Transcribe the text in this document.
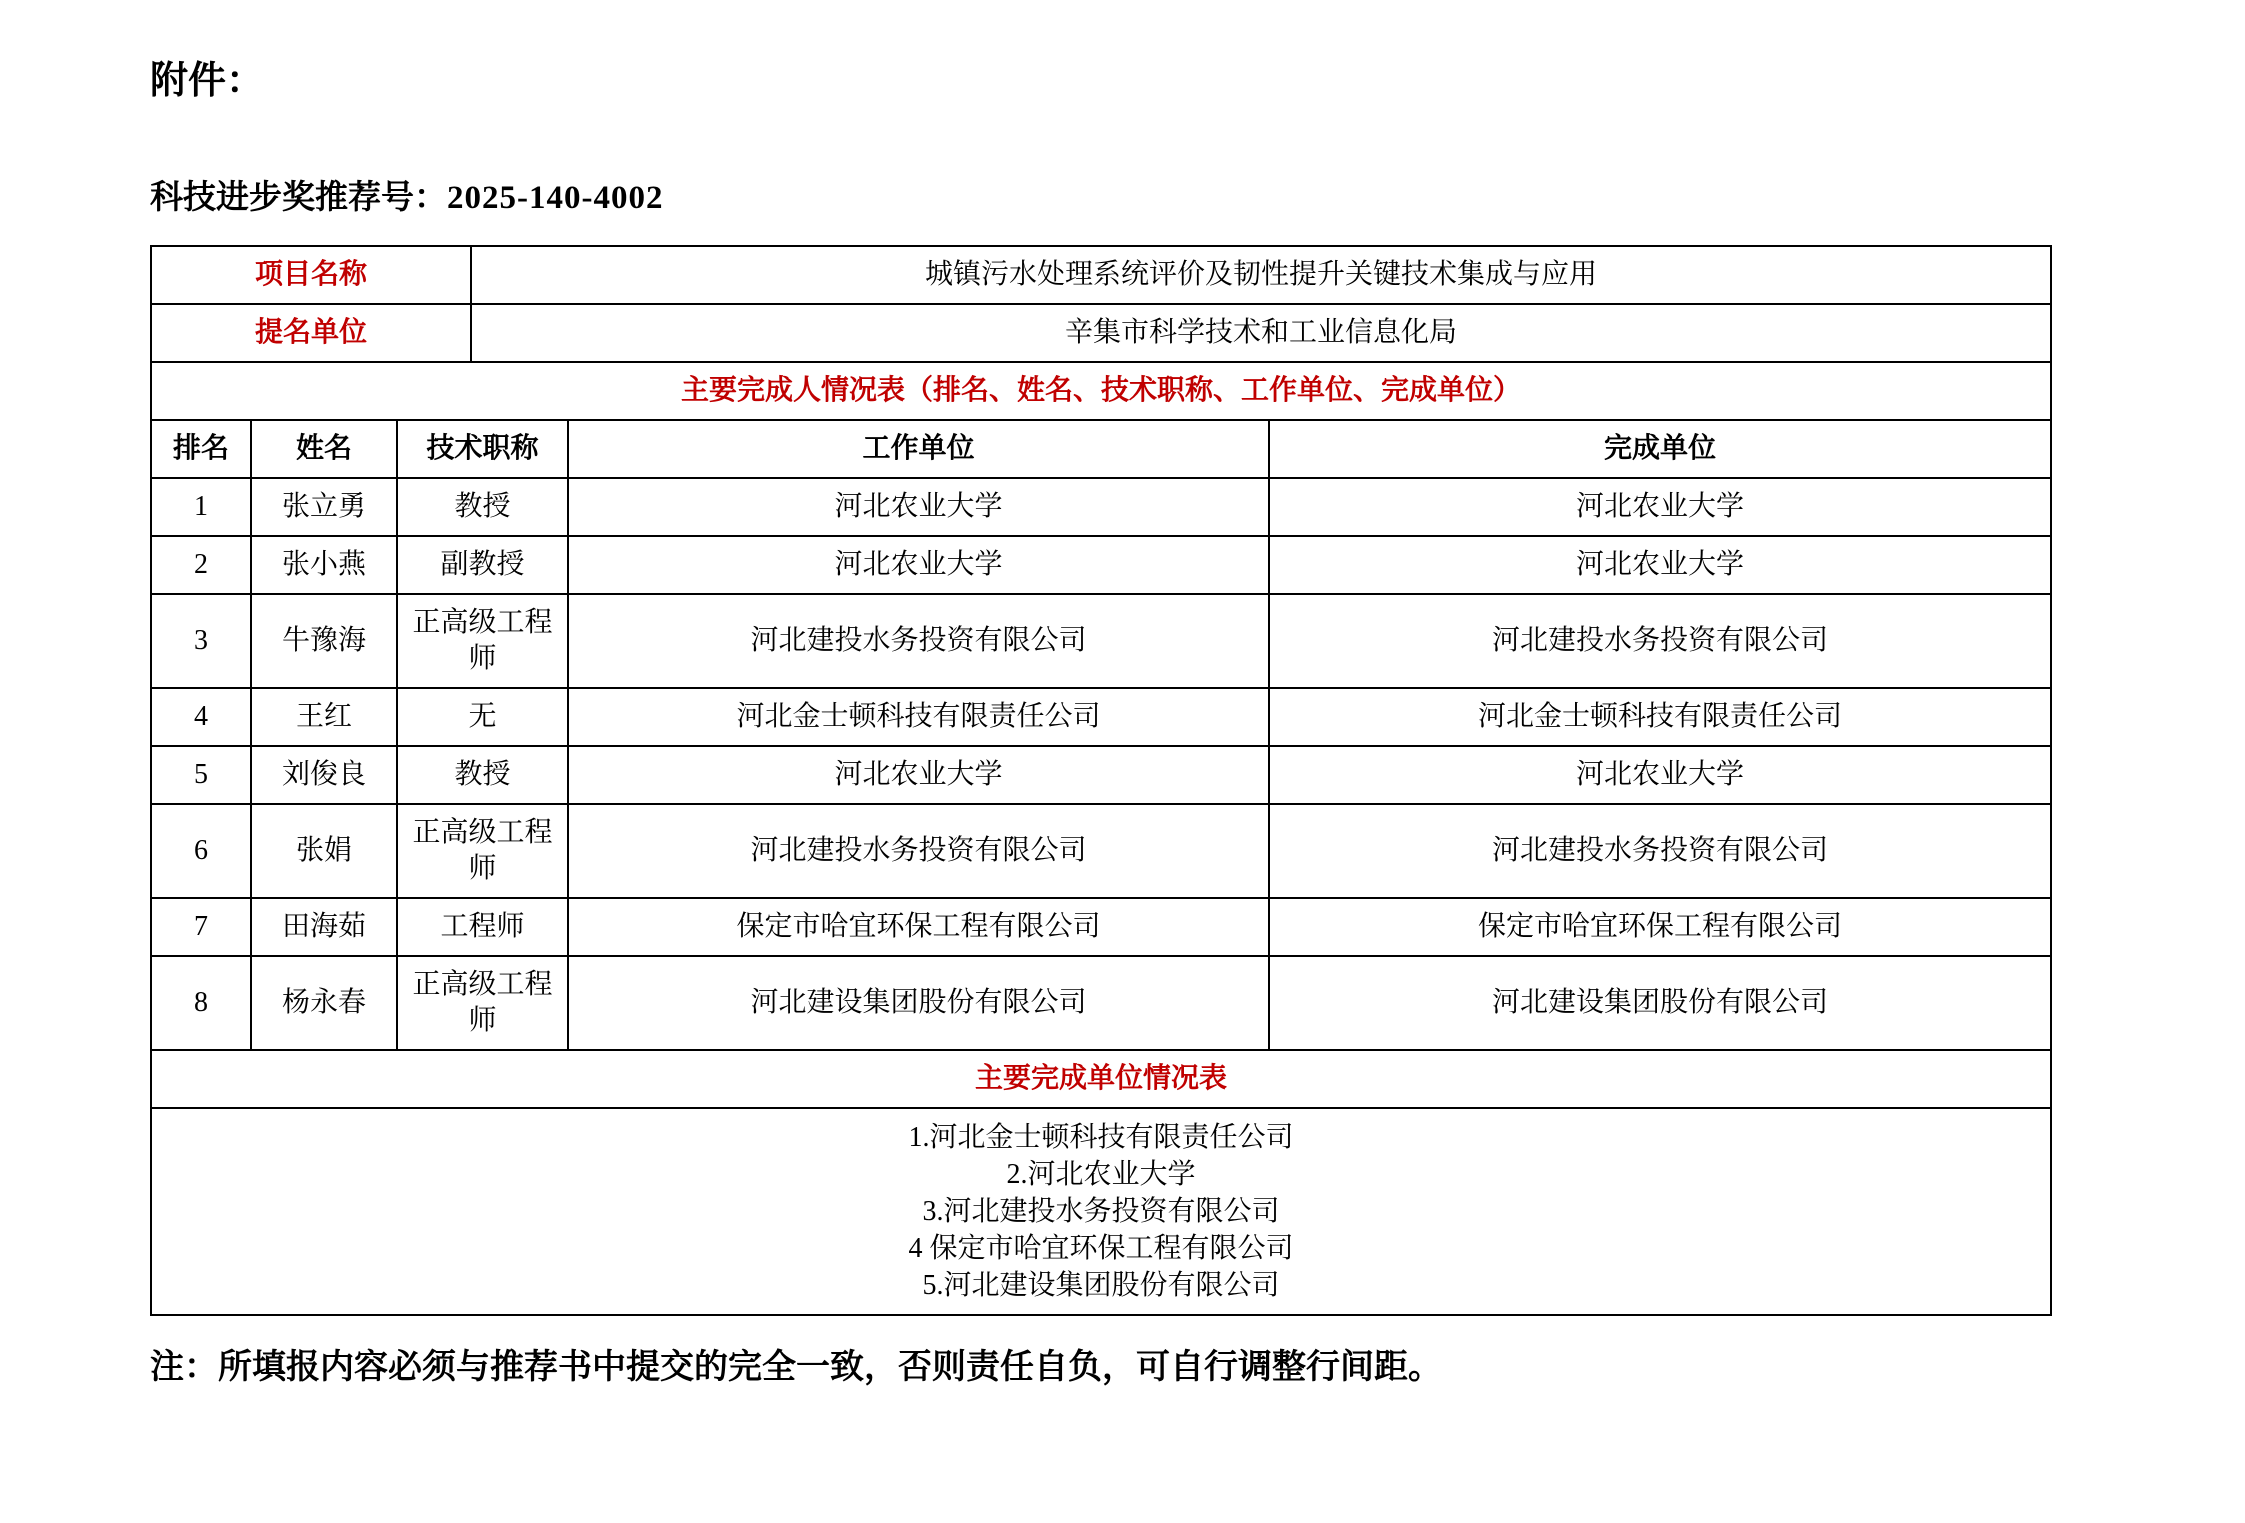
附件：
科技进步奖推荐号：2025-140-4002
项目名称	城镇污水处理系统评价及韧性提升关键技术集成与应用
提名单位	辛集市科学技术和工业信息化局
主要完成人情况表（排名、姓名、技术职称、工作单位、完成单位）				
排名	姓名	技术职称	工作单位	完成单位
1	张立勇	教授	河北农业大学	河北农业大学
2	张小燕	副教授	河北农业大学	河北农业大学
3	牛豫海	正高级工程师	河北建投水务投资有限公司	河北建投水务投资有限公司
4	王红	无	河北金士顿科技有限责任公司	河北金士顿科技有限责任公司
5	刘俊良	教授	河北农业大学	河北农业大学
6	张娟	正高级工程师	河北建投水务投资有限公司	河北建投水务投资有限公司
7	田海茹	工程师	保定市哈宜环保工程有限公司	保定市哈宜环保工程有限公司
8	杨永春	正高级工程师	河北建设集团股份有限公司	河北建设集团股份有限公司
主要完成单位情况表

1.河北金士顿科技有限责任公司
2.河北农业大学
3.河北建投水务投资有限公司
4 保定市哈宜环保工程有限公司
5.河北建设集团股份有限公司
注：所填报内容必须与推荐书中提交的完全一致，否则责任自负，可自行调整行间距。
